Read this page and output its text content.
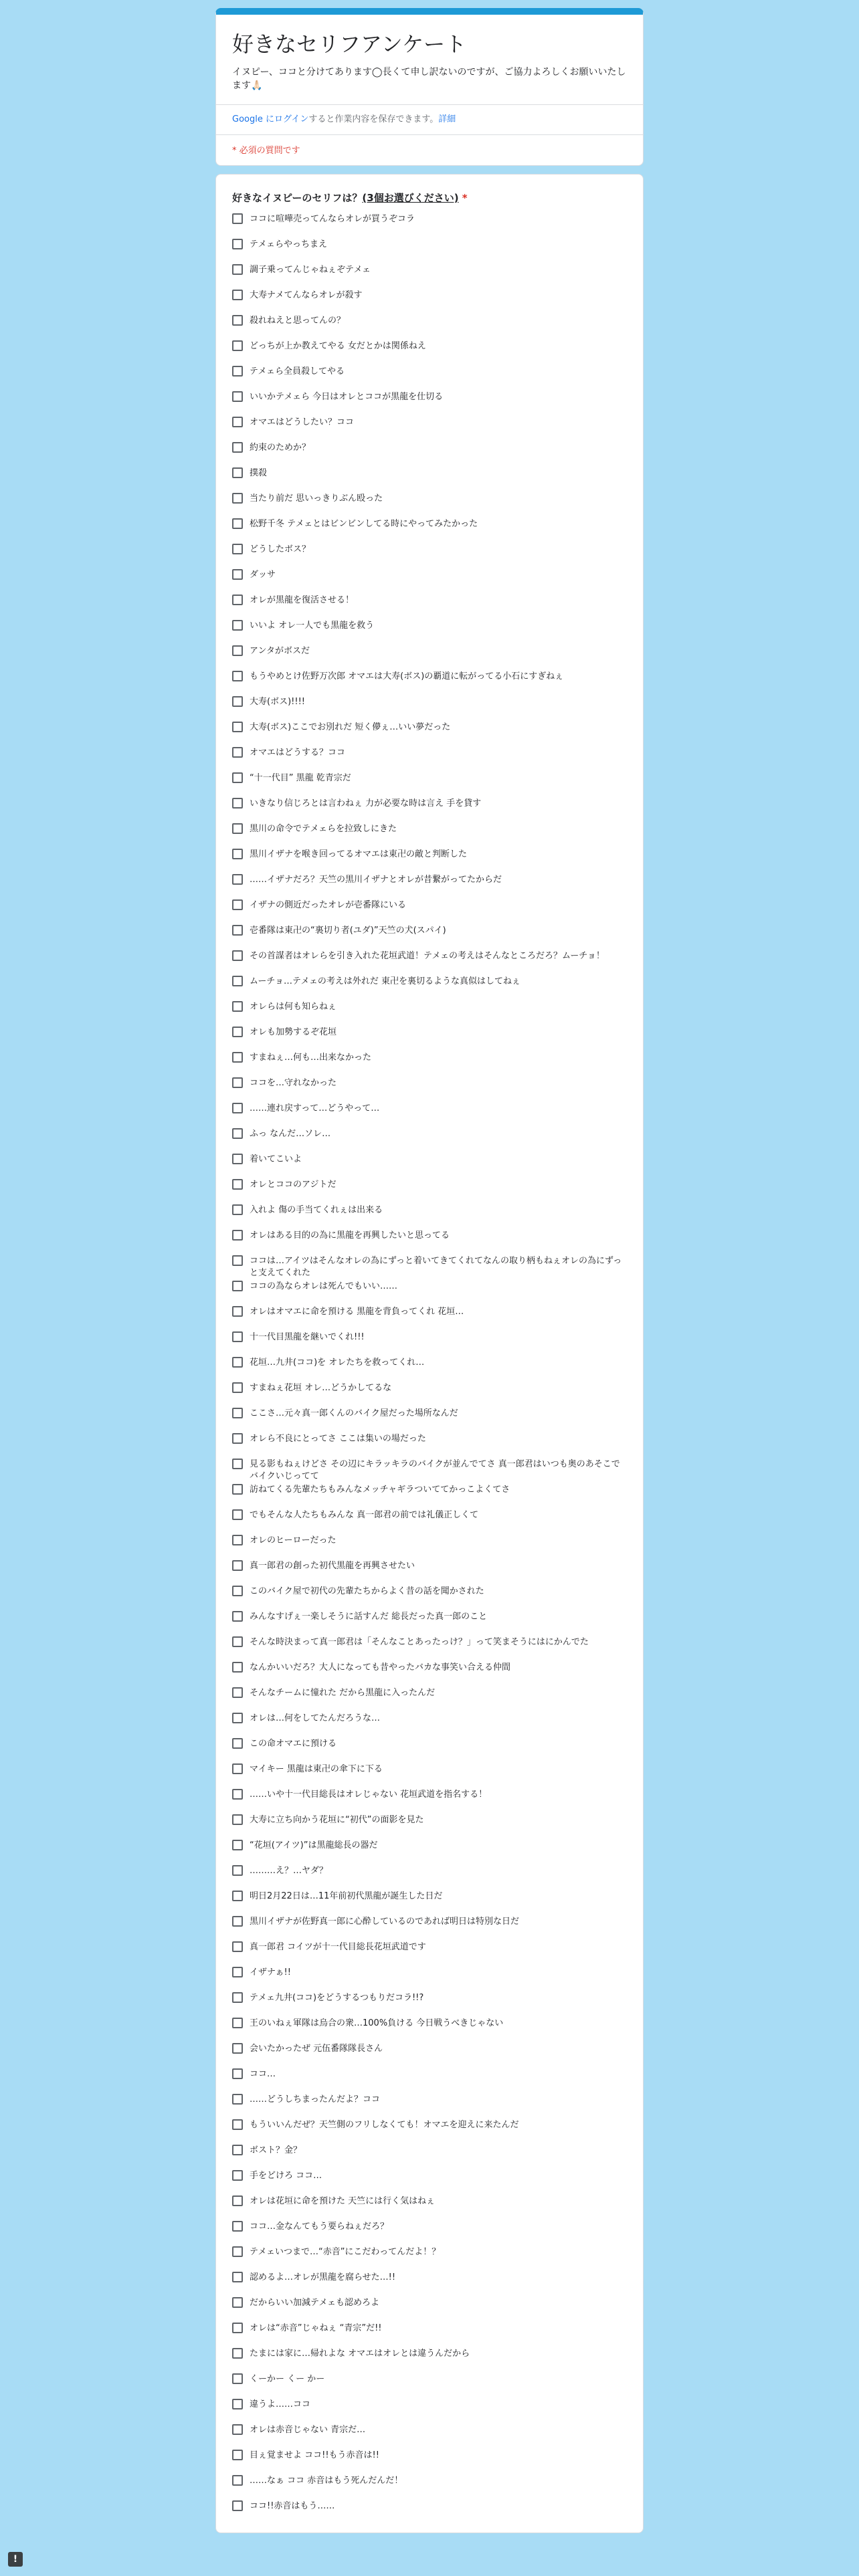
好きなセリフアンケート
イヌピー、ココと分けてあります◯長くて申し訳ないのですが、ご協力よろしくお願いいたします🙏🏻
Google にログインすると作業内容を保存できます。詳細
* 必須の質問です
好きなイヌピーのセリフは？(3個お選びください) *
ココに喧嘩売ってんならオレが買うぞコラ
テメェらやっちまえ
調子乗ってんじゃねぇぞテメェ
大寿ナメてんならオレが殺す
殺れねえと思ってんの？
どっちが上か教えてやる 女だとかは関係ねえ
テメェら全員殺してやる
いいかテメェら 今日はオレとココが黒龍を仕切る
オマエはどうしたい？ココ
約束のためか？
撲殺
当たり前だ 思いっきりぶん殴った
松野千冬 テメェとはビンビンしてる時にやってみたかった
どうしたボス？
ダッサ
オレが黒龍を復活させる！
いいよ オレ一人でも黒龍を救う
アンタがボスだ
もうやめとけ佐野万次郎 オマエは大寿(ボス)の覇道に転がってる小石にすぎねぇ
大寿(ボス)!!!!
大寿(ボス)ここでお別れだ 短く儚ぇ…いい夢だった
オマエはどうする？ココ
“十一代目” 黒龍 乾青宗だ
いきなり信じろとは言わねぇ 力が必要な時は言え 手を貸す
黒川の命令でテメェらを拉致しにきた
黒川イザナを喉き回ってるオマエは東卍の敵と判断した
……イザナだろ？天竺の黒川イザナとオレが昔繋がってたからだ
イザナの側近だったオレが壱番隊にいる
壱番隊は東卍の“裏切り者(ユダ)”天竺の犬(スパイ)
その首謀者はオレらを引き入れた花垣武道！テメェの考えはそんなところだろ？ムーチョ！
ムーチョ…テメェの考えは外れだ 東卍を裏切るような真似はしてねぇ
オレらは何も知らねぇ
オレも加勢するぞ花垣
すまねぇ…何も…出来なかった
ココを…守れなかった
……連れ戻すって…どうやって…
ふっ なんだ…ソレ…
着いてこいよ
オレとココのアジトだ
入れよ 傷の手当てくれぇは出来る
オレはある目的の為に黒龍を再興したいと思ってる
ココは…アイツはそんなオレの為にずっと着いてきてくれてなんの取り柄もねぇオレの為にずっと支えてくれた
ココの為ならオレは死んでもいい……
オレはオマエに命を預ける 黒龍を背負ってくれ 花垣…
十一代目黒龍を継いでくれ!!!
花垣…九井(ココ)を オレたちを救ってくれ…
すまねぇ花垣 オレ…どうかしてるな
ここさ…元々真一郎くんのバイク屋だった場所なんだ
オレら不良にとってさ ここは集いの場だった
見る影もねぇけどさ その辺にキラッキラのバイクが並んでてさ 真一郎君はいつも奥のあそこでバイクいじってて
訪ねてくる先輩たちもみんなメッチャギラついててかっこよくてさ
でもそんな人たちもみんな 真一郎君の前では礼儀正しくて
オレのヒーローだった
真一郎君の創った初代黒龍を再興させたい
このバイク屋で初代の先輩たちからよく昔の話を聞かされた
みんなすげぇ一楽しそうに話すんだ 総長だった真一郎のこと
そんな時決まって真一郎君は「そんなことあったっけ？」って笑まそうにはにかんでた
なんかいいだろ？大人になっても昔やったバカな事笑い合える仲間
そんなチームに憧れた だから黒龍に入ったんだ
オレは…何をしてたんだろうな…
この命オマエに預ける
マイキー 黒龍は東卍の傘下に下る
……いや十一代目総長はオレじゃない 花垣武道を指名する！
大寿に立ち向かう花垣に“初代”の面影を見た
“花垣(アイツ)”は黒龍総長の器だ
………え？…ヤダ？
明日2月22日は…11年前初代黒龍が誕生した日だ
黒川イザナが佐野真一郎に心酔しているのであれば明日は特別な日だ
真一郎君 コイツが十一代目総長花垣武道です
イザナぁ!!
テメェ九井(ココ)をどうするつもりだコラ!!?
王のいねぇ軍隊は烏合の衆…100%負ける 今日戦うべきじゃない
会いたかったぜ 元伍番隊隊長さん
ココ…
……どうしちまったんだよ？ココ
もういいんだぜ？天竺側のフリしなくても！オマエを迎えに来たんだ
ボスト？金？
手をどけろ ココ…
オレは花垣に命を預けた 天竺には行く気はねぇ
ココ…金なんてもう要らねぇだろ？
テメェいつまで…“赤音”にこだわってんだよ！？
認めるよ…オレが黒龍を腐らせた…!!
だからいい加減テメェも認めろよ
オレは“赤音”じゃねぇ “青宗”だ!!
たまには家に…帰れよな オマエはオレとは違うんだから
くーかー くー かー
違うよ……ココ
オレは赤音じゃない 青宗だ…
目ぇ覚ませよ ココ!!もう赤音は!!
……なぁ ココ 赤音はもう死んだんだ！
ココ!!赤音はもう……
!
